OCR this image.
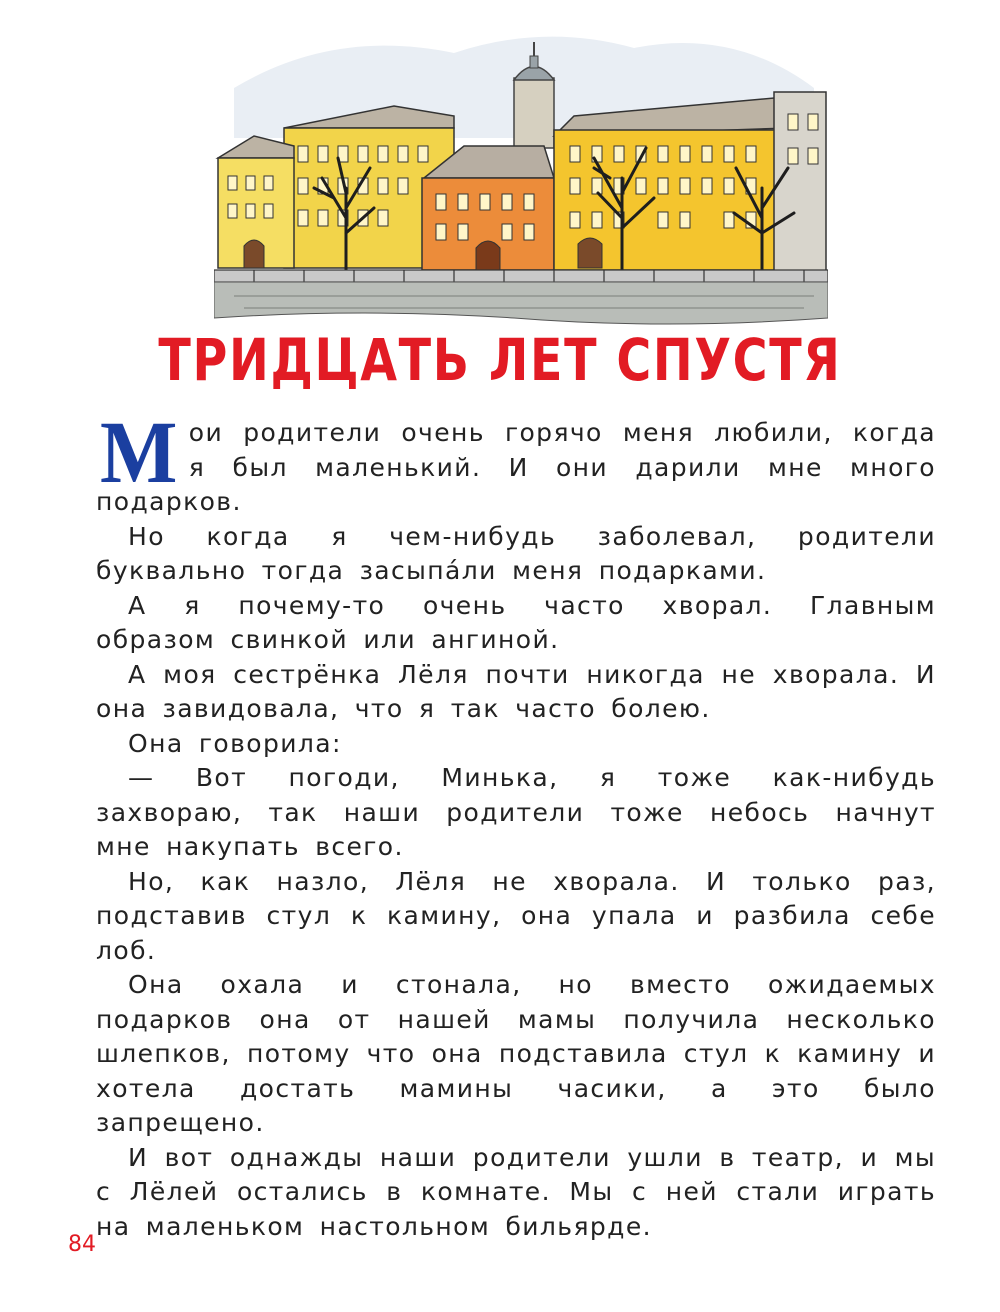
ТРИДЦАТЬ ЛЕТ СПУСТЯ

Мои родители очень горячо меня любили, когда я был маленький. И они дарили мне много подарков.

Но когда я чем-нибудь заболевал, родители буквально тогда засыпáли меня подарками.

А я почему-то очень часто хворал. Главным образом свинкой или ангиной.

А моя сестрёнка Лёля почти никогда не хворала. И она завидовала, что я так часто болею.

Она говорила:

— Вот погоди, Минька, я тоже как-нибудь захвораю, так наши родители тоже небось начнут мне накупать всего.

Но, как назло, Лёля не хворала. И только раз, подставив стул к камину, она упала и разбила себе лоб.

Она охала и стонала, но вместо ожидаемых подарков она от нашей мамы получила несколько шлепков, потому что она подставила стул к камину и хотела достать мамины часики, а это было запрещено.

И вот однажды наши родители ушли в театр, и мы с Лёлей остались в комнате. Мы с ней стали играть на маленьком настольном бильярде.

84
